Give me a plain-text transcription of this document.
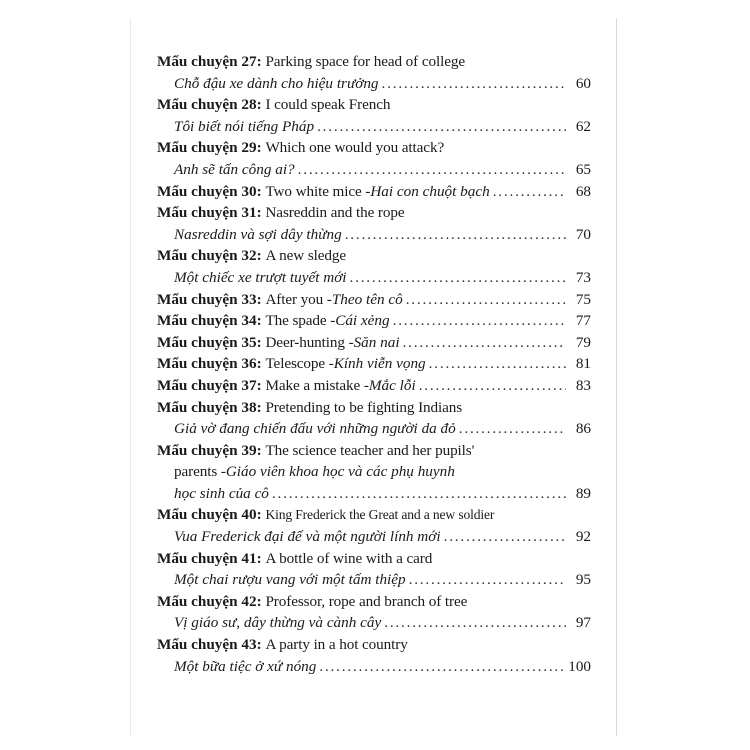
Mẩu chuyện 27:
Parking space for head of college
Chỗ đậu xe dành cho hiệu trưởng .....	60
Mẩu chuyện 28:
I could speak French
Tôi biết nói tiếng Pháp .....	62
Mẩu chuyện 29:
Which one would you attack?
Anh sẽ tấn công ai? .....	65
Mẩu chuyện 30:
Two white mice - Hai con chuột bạch .....	68
Mẩu chuyện 31:
Nasreddin and the rope
Nasreddin và sợi dây thừng .....	70
Mẩu chuyện 32:
A new sledge
Một chiếc xe trượt tuyết mới .....	73
Mẩu chuyện 33:
After you - Theo tên cô .....	75
Mẩu chuyện 34:
The spade - Cái xẻng .....	77
Mẩu chuyện 35:
Deer-hunting - Săn nai .....	79
Mẩu chuyện 36:
Telescope - Kính viễn vọng .....	81
Mẩu chuyện 37:
Make a mistake - Mắc lỗi .....	83
Mẩu chuyện 38:
Pretending to be fighting Indians
Giả vờ đang chiến đấu với những người da đỏ .....	86
Mẩu chuyện 39:
The science teacher and her pupils'
parents - Giáo viên khoa học và các phụ huynh
học sinh của cô .....	89
Mẩu chuyện 40:
King Frederick the Great and a new soldier
Vua Frederick đại đế và một người lính mới .....	92
Mẩu chuyện 41:
A bottle of wine with a card
Một chai rượu vang với một tấm thiệp .....	95
Mẩu chuyện 42:
Professor, rope and branch of tree
Vị giáo sư, dây thừng và cành cây .....	97
Mẩu chuyện 43:
A party in a hot country
Một bữa tiệc ở xứ nóng .....	100
